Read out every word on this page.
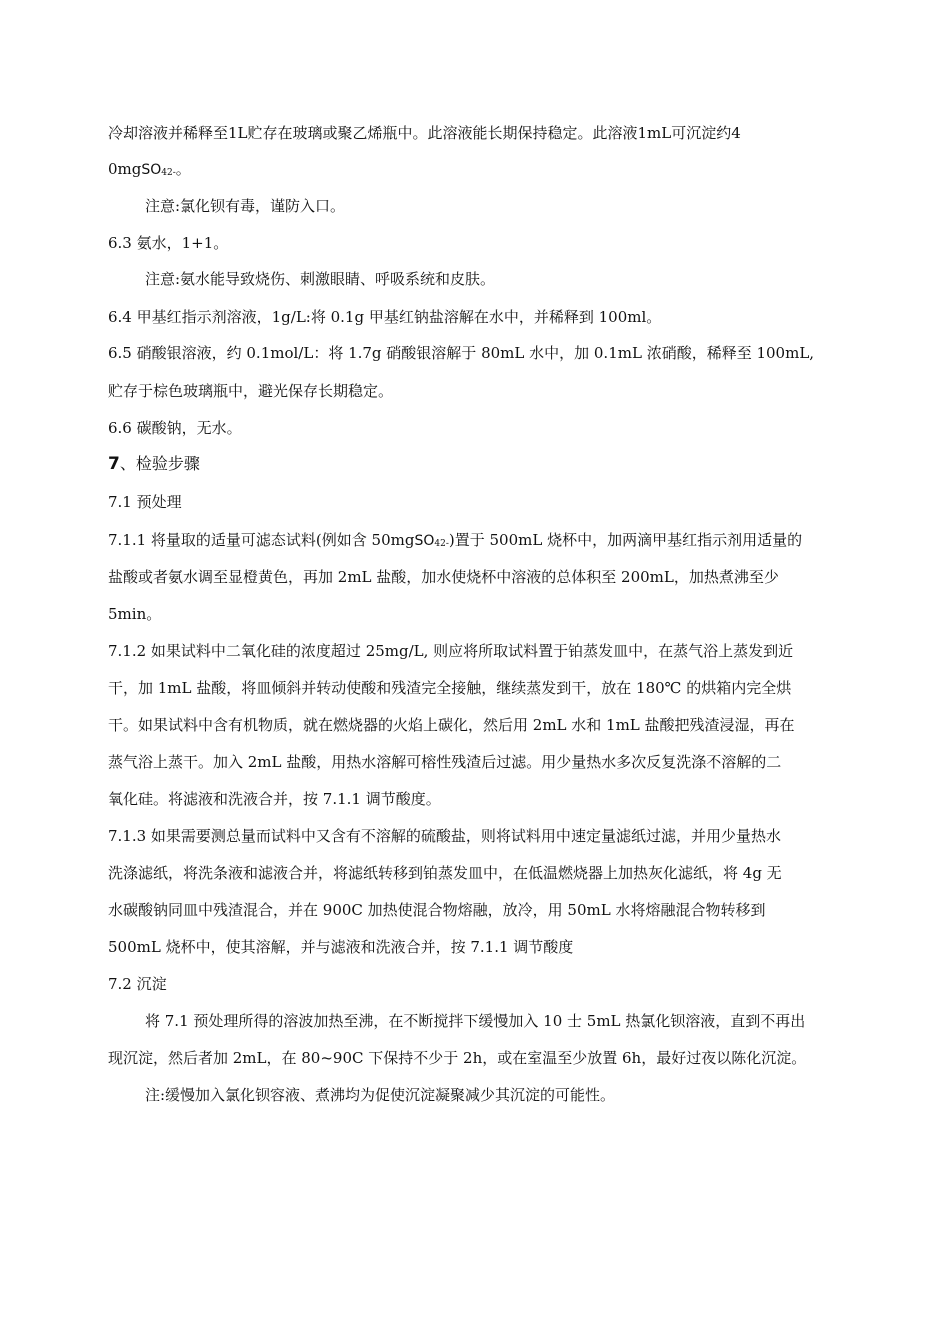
冷却溶液并稀释至1L贮存在玻璃或聚乙烯瓶中。此溶液能长期保持稳定。此溶液1mL可沉淀约4
0mgSO42-。
注意:氯化钡有毒，谨防入口。
6.3 氨水，1+1。
注意:氨水能导致烧伤、刺激眼睛、呼吸系统和皮肤。
6.4 甲基红指示剂溶液，1g/L:将 0.1g 甲基红钠盐溶解在水中，并稀释到 100ml。
6.5 硝酸银溶液，约 0.1mol/L：将 1.7g 硝酸银溶解于 80mL 水中，加 0.1mL 浓硝酸，稀释至 100mL,
贮存于棕色玻璃瓶中，避光保存长期稳定。
6.6 碳酸钠，无水。
7、检验步骤
7.1 预处理
7.1.1 将量取的适量可滤态试料(例如含 50mgSO42-)置于 500mL 烧杯中，加两滴甲基红指示剂用适量的
盐酸或者氨水调至显橙黄色，再加 2mL 盐酸，加水使烧杯中溶液的总体积至 200mL，加热煮沸至少
5min。
7.1.2 如果试料中二氧化硅的浓度超过 25mg/L, 则应将所取试料置于铂蒸发皿中，在蒸气浴上蒸发到近
干，加 1mL 盐酸，将皿倾斜并转动使酸和残渣完全接触，继续蒸发到干，放在 180℃ 的烘箱内完全烘
干。如果试料中含有机物质，就在燃烧器的火焰上碳化，然后用 2mL 水和 1mL 盐酸把残渣浸湿，再在
蒸气浴上蒸干。加入 2mL 盐酸，用热水溶解可榕性残渣后过滤。用少量热水多次反复洗涤不溶解的二
氧化硅。将滤液和洗液合并，按 7.1.1 调节酸度。
7.1.3 如果需要测总量而试料中又含有不溶解的硫酸盐，则将试料用中速定量滤纸过滤，并用少量热水
洗涤滤纸，将洗条液和滤液合并，将滤纸转移到铂蒸发皿中，在低温燃烧器上加热灰化滤纸，将 4g 无
水碳酸钠同皿中残渣混合，并在 900C 加热使混合物熔融，放冷，用 50mL 水将熔融混合物转移到
500mL 烧杯中，使其溶解，并与滤液和洗液合并，按 7.1.1 调节酸度
7.2 沉淀
将 7.1 预处理所得的溶波加热至沸，在不断搅拌下缓慢加入 10 士 5mL 热氯化钡溶液，直到不再出
现沉淀，然后者加 2mL，在 80~90C 下保持不少于 2h，或在室温至少放置 6h，最好过夜以陈化沉淀。
注:缓慢加入氯化钡容液、煮沸均为促使沉淀凝聚减少其沉淀的可能性。
